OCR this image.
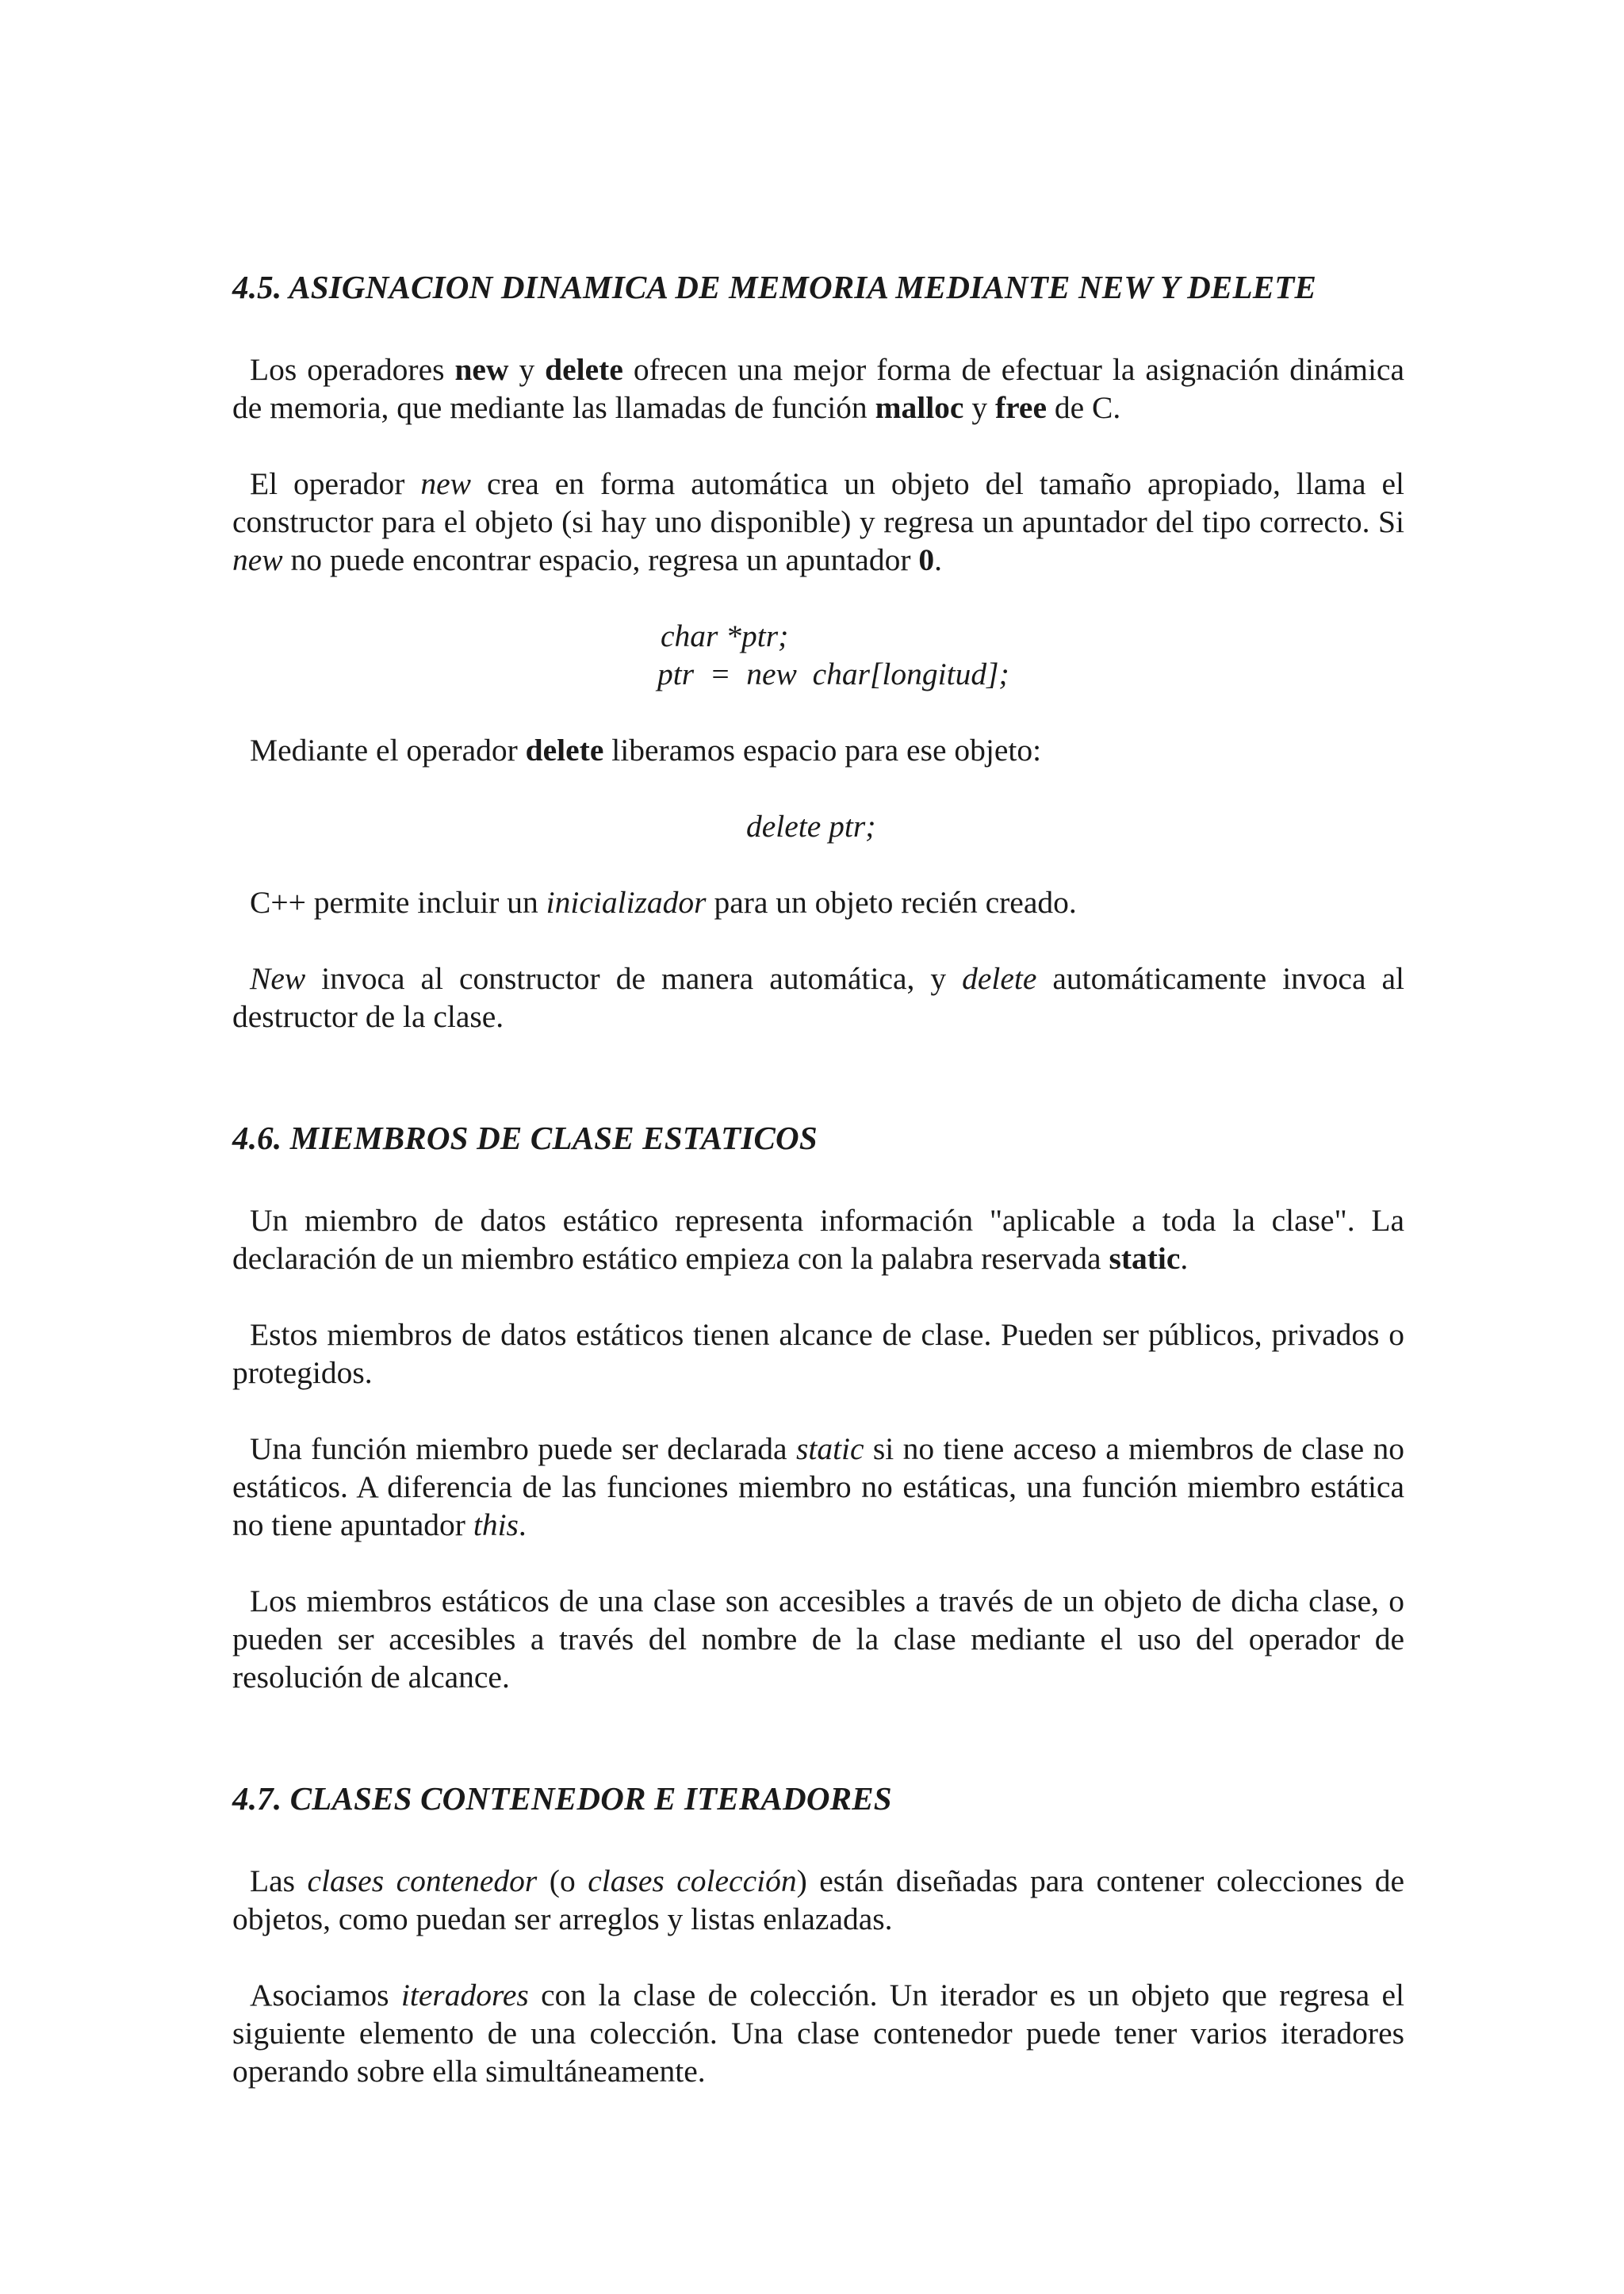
4.5. ASIGNACION DINAMICA DE MEMORIA MEDIANTE NEW Y DELETE

Los operadores new y delete ofrecen una mejor forma de efectuar la asignación dinámica de memoria, que mediante las llamadas de función malloc y free de C.

El operador new crea en forma automática un objeto del tamaño apropiado, llama el constructor para el objeto (si hay uno disponible) y regresa un apuntador del tipo correcto. Si new no puede encontrar espacio, regresa un apuntador 0.

char *ptr;

ptr  =  new  char[longitud];

Mediante el operador delete liberamos espacio para ese objeto:

delete ptr;

C++ permite incluir un inicializador para un objeto recién creado.

New invoca al constructor de manera automática, y delete automáticamente invoca al destructor de la clase.

4.6. MIEMBROS DE CLASE ESTATICOS

Un miembro de datos estático representa información "aplicable a toda la clase". La declaración de un miembro estático empieza con la palabra reservada static.

Estos miembros de datos estáticos tienen alcance de clase. Pueden ser públicos, privados o protegidos.

Una función miembro puede ser declarada static si no tiene acceso a miembros de clase no estáticos. A diferencia de las funciones miembro no estáticas, una función miembro estática no tiene apuntador this.

Los miembros estáticos de una clase son accesibles a través de un objeto de dicha clase, o pueden ser accesibles a través del nombre de la clase mediante el uso del operador de resolución de alcance.

4.7. CLASES CONTENEDOR E ITERADORES

Las clases contenedor (o clases colección) están diseñadas para contener colecciones de objetos, como puedan ser arreglos y listas enlazadas.

Asociamos iteradores con la clase de colección. Un iterador es un objeto que regresa el siguiente elemento de una colección. Una clase contenedor puede tener varios iteradores operando sobre ella simultáneamente.
